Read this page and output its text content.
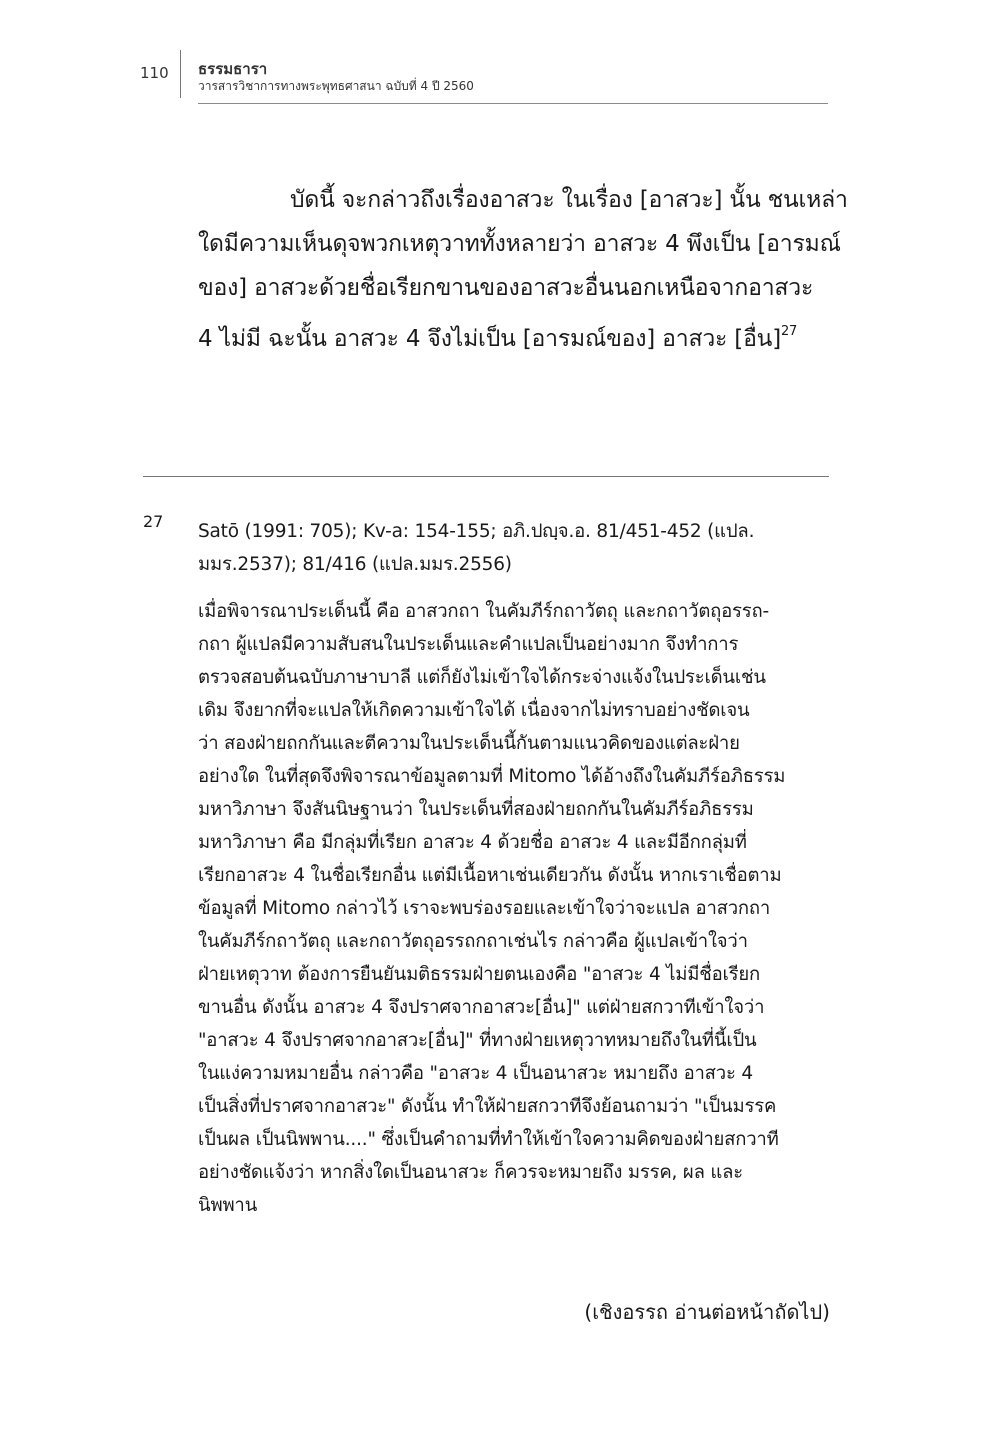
110 ธรรมธารา
วารสารวิชาการทางพระพุทธศาสนา ฉบับที่ 4 ปี 2560
บัดนี้ จะกล่าวถึงเรื่องอาสวะ ในเรื่อง [อาสวะ] นั้น ชนเหล่า
ใดมีความเห็นดุจพวกเหตุวาททั้งหลายว่า อาสวะ 4 พึงเป็น [อารมณ์
ของ] อาสวะด้วยชื่อเรียกขานของอาสวะอื่นนอกเหนือจากอาสวะ
4 ไม่มี ฉะนั้น อาสวะ 4 จึงไม่เป็น [อารมณ์ของ] อาสวะ [อื่น]$^{27}$
27 Satō (1991: 705); Kv-a: 154-155; อภิ.ปญฺจ.อ. 81/451-452 (แปล.
มมร.2537); 81/416 (แปล.มมร.2556)
เมื่อพิจารณาประเด็นนี้ คือ อาสวกถา ในคัมภีร์กถาวัตถุ และกถาวัตถุอรรถ-
กถา ผู้แปลมีความสับสนในประเด็นและคำแปลเป็นอย่างมาก จึงทำการ
ตรวจสอบต้นฉบับภาษาบาลี แต่ก็ยังไม่เข้าใจได้กระจ่างแจ้งในประเด็นเช่น
เดิม จึงยากที่จะแปลให้เกิดความเข้าใจได้ เนื่องจากไม่ทราบอย่างชัดเจน
ว่า สองฝ่ายถกกันและตีความในประเด็นนี้กันตามแนวคิดของแต่ละฝ่าย
อย่างใด ในที่สุดจึงพิจารณาข้อมูลตามที่ Mitomo ได้อ้างถึงในคัมภีร์อภิธรรม
มหาวิภาษา จึงสันนิษฐานว่า ในประเด็นที่สองฝ่ายถกกันในคัมภีร์อภิธรรม
มหาวิภาษา คือ มีกลุ่มที่เรียก อาสวะ 4 ด้วยชื่อ อาสวะ 4 และมีอีกกลุ่มที่
เรียกอาสวะ 4 ในชื่อเรียกอื่น แต่มีเนื้อหาเช่นเดียวกัน ดังนั้น หากเราเชื่อตาม
ข้อมูลที่ Mitomo กล่าวไว้ เราจะพบร่องรอยและเข้าใจว่าจะแปล อาสวกถา
ในคัมภีร์กถาวัตถุ และกถาวัตถุอรรถกถาเช่นไร กล่าวคือ ผู้แปลเข้าใจว่า
ฝ่ายเหตุวาท ต้องการยืนยันมติธรรมฝ่ายตนเองคือ "อาสวะ 4 ไม่มีชื่อเรียก
ขานอื่น ดังนั้น อาสวะ 4 จึงปราศจากอาสวะ[อื่น]" แต่ฝ่ายสกวาทีเข้าใจว่า
"อาสวะ 4 จึงปราศจากอาสวะ[อื่น]" ที่ทางฝ่ายเหตุวาทหมายถึงในที่นี้เป็น
ในแง่ความหมายอื่น กล่าวคือ "อาสวะ 4 เป็นอนาสวะ หมายถึง อาสวะ 4
เป็นสิ่งที่ปราศจากอาสวะ" ดังนั้น ทำให้ฝ่ายสกวาทีจึงย้อนถามว่า "เป็นมรรค
เป็นผล เป็นนิพพาน...." ซึ่งเป็นคำถามที่ทำให้เข้าใจความคิดของฝ่ายสกวาที
อย่างชัดแจ้งว่า หากสิ่งใดเป็นอนาสวะ ก็ควรจะหมายถึง มรรค, ผล และ
นิพพาน
(เชิงอรรถ อ่านต่อหน้าถัดไป)
